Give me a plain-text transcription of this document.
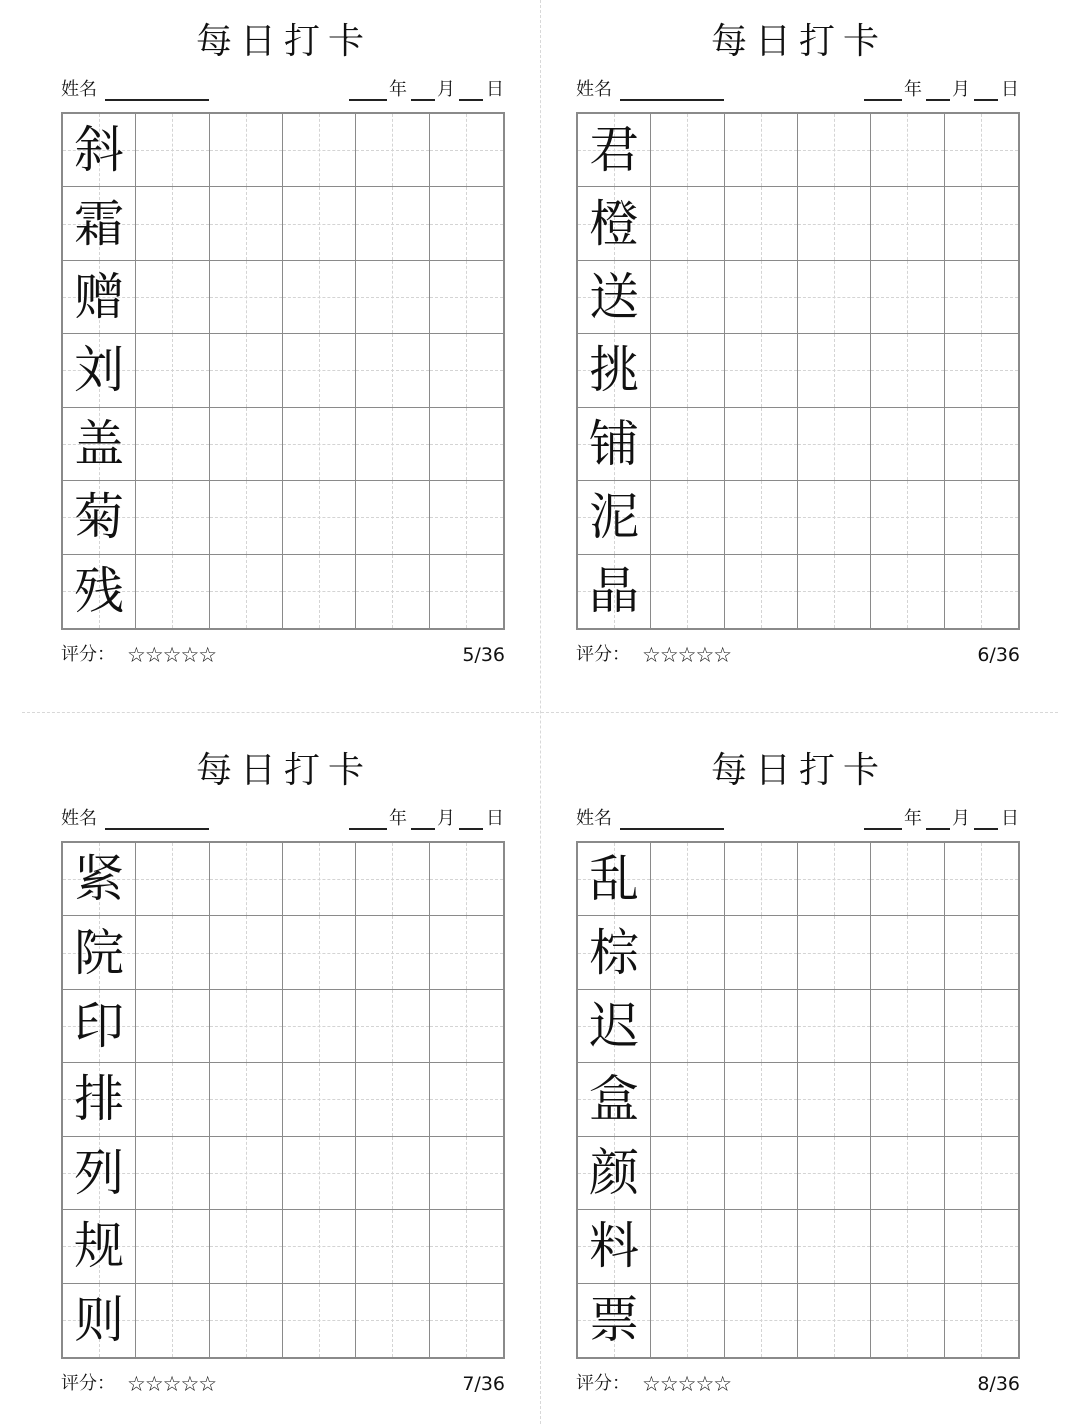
每日打卡
姓名	年 月 日
斜
霜
赠
刘
盖
菊
残
评分： ☆☆☆☆☆	5/36
每日打卡
姓名	年 月 日
君
橙
送
挑
铺
泥
晶
评分： ☆☆☆☆☆	6/36
每日打卡
姓名	年 月 日
紧
院
印
排
列
规
则
评分： ☆☆☆☆☆	7/36
每日打卡
姓名	年 月 日
乱
棕
迟
盒
颜
料
票
评分： ☆☆☆☆☆	8/36
